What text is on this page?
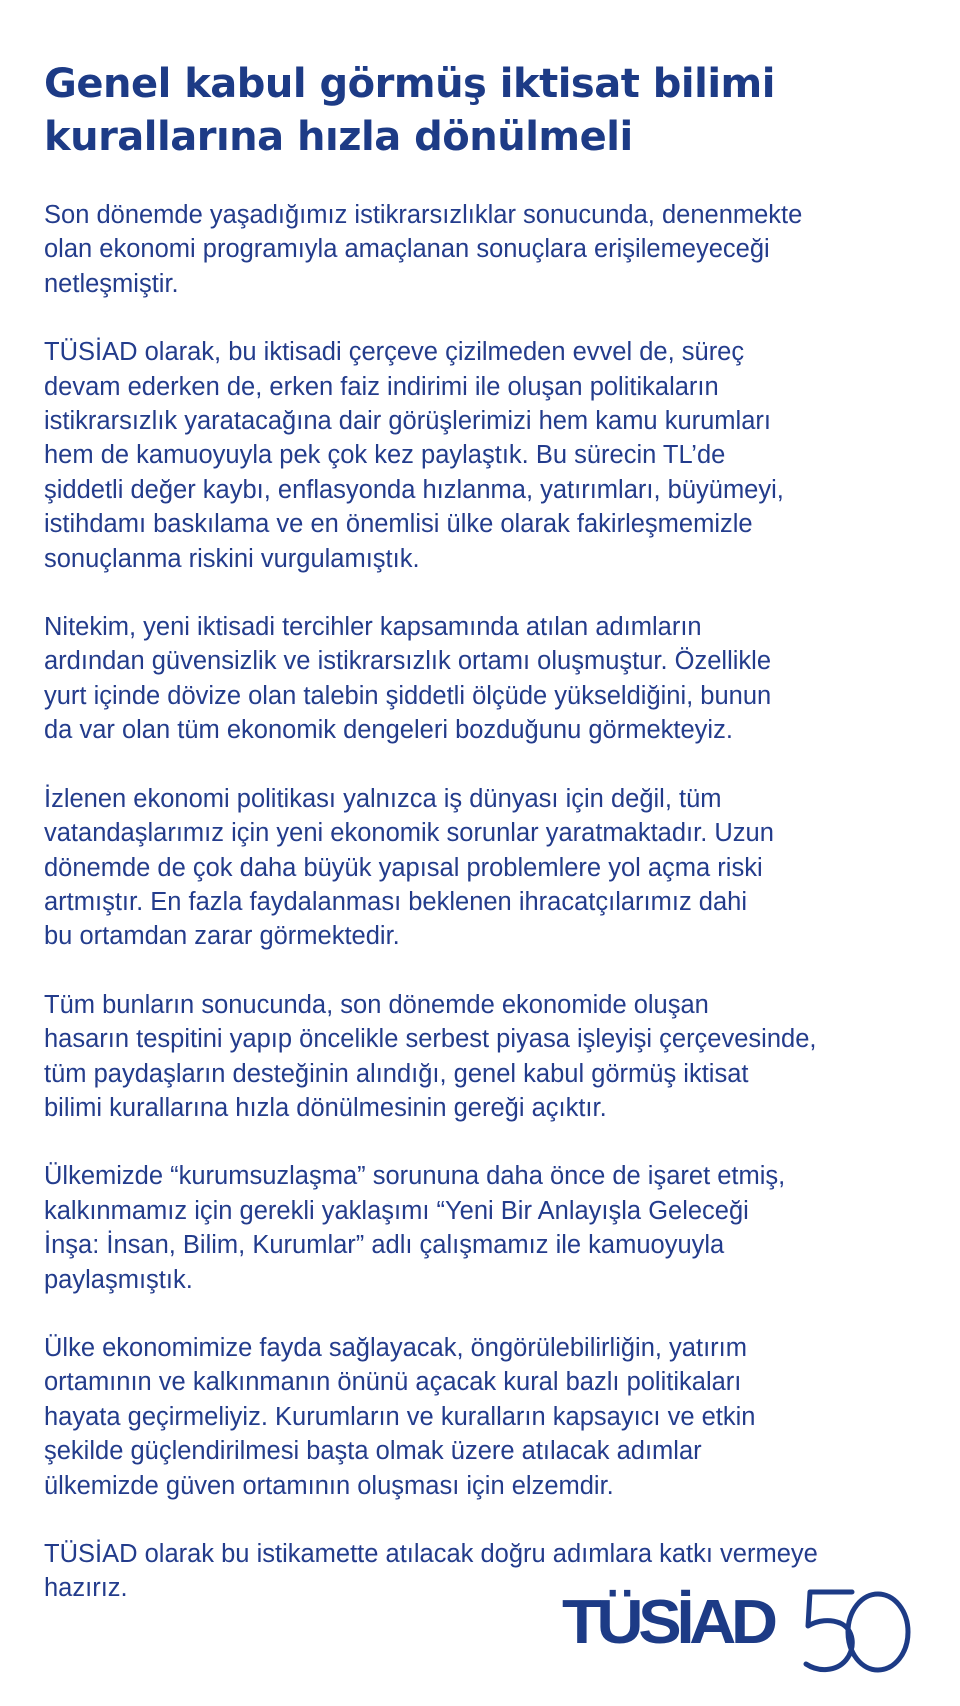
Genel kabul görmüş iktisat bilimi
kurallarına hızla dönülmeli

Son dönemde yaşadığımız istikrarsızlıklar sonucunda, denenmekte
olan ekonomi programıyla amaçlanan sonuçlara erişilemeyeceği
netleşmiştir.

TÜSİAD olarak, bu iktisadi çerçeve çizilmeden evvel de, süreç
devam ederken de, erken faiz indirimi ile oluşan politikaların
istikrarsızlık yaratacağına dair görüşlerimizi hem kamu kurumları
hem de kamuoyuyla pek çok kez paylaştık. Bu sürecin TL’de
şiddetli değer kaybı, enflasyonda hızlanma, yatırımları, büyümeyi,
istihdamı baskılama ve en önemlisi ülke olarak fakirleşmemizle
sonuçlanma riskini vurgulamıştık.

Nitekim, yeni iktisadi tercihler kapsamında atılan adımların
ardından güvensizlik ve istikrarsızlık ortamı oluşmuştur. Özellikle
yurt içinde dövize olan talebin şiddetli ölçüde yükseldiğini, bunun
da var olan tüm ekonomik dengeleri bozduğunu görmekteyiz.

İzlenen ekonomi politikası yalnızca iş dünyası için değil, tüm
vatandaşlarımız için yeni ekonomik sorunlar yaratmaktadır. Uzun
dönemde de çok daha büyük yapısal problemlere yol açma riski
artmıştır. En fazla faydalanması beklenen ihracatçılarımız dahi
bu ortamdan zarar görmektedir.

Tüm bunların sonucunda, son dönemde ekonomide oluşan
hasarın tespitini yapıp öncelikle serbest piyasa işleyişi çerçevesinde,
tüm paydaşların desteğinin alındığı, genel kabul görmüş iktisat
bilimi kurallarına hızla dönülmesinin gereği açıktır.

Ülkemizde “kurumsuzlaşma” sorununa daha önce de işaret etmiş,
kalkınmamız için gerekli yaklaşımı “Yeni Bir Anlayışla Geleceği
İnşa: İnsan, Bilim, Kurumlar” adlı çalışmamız ile kamuoyuyla
paylaşmıştık.

Ülke ekonomimize fayda sağlayacak, öngörülebilirliğin, yatırım
ortamının ve kalkınmanın önünü açacak kural bazlı politikaları
hayata geçirmeliyiz. Kurumların ve kuralların kapsayıcı ve etkin
şekilde güçlendirilmesi başta olmak üzere atılacak adımlar
ülkemizde güven ortamının oluşması için elzemdir.

TÜSİAD olarak bu istikamette atılacak doğru adımlara katkı vermeye
hazırız.	TÜSİAD
